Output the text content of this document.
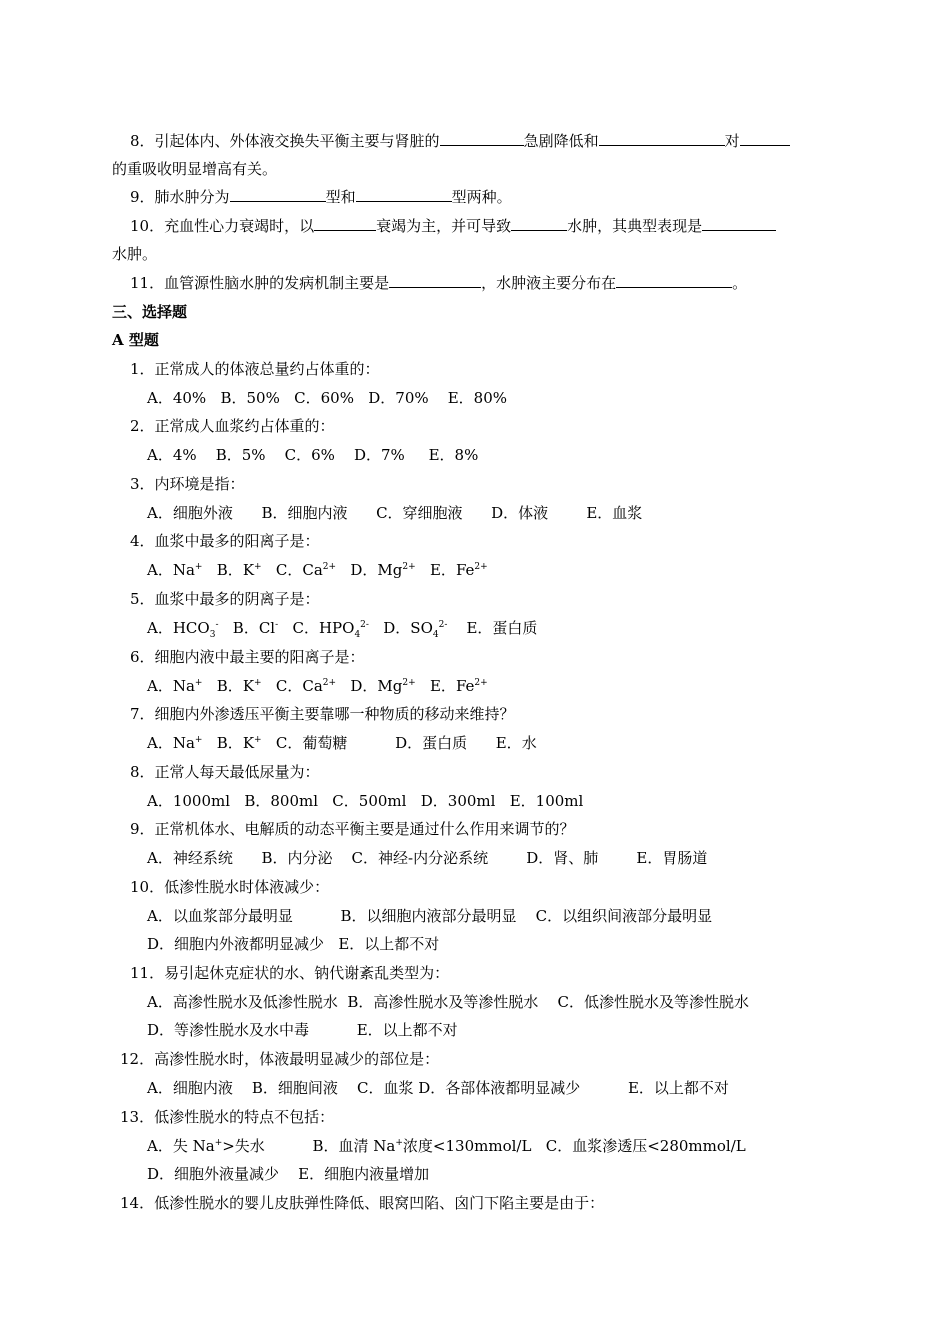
8．引起体内、外体液交换失平衡主要与肾脏的	急剧降低和	对
的重吸收明显增高有关。
9．肺水肿分为	型和	型两种。
10．充血性心力衰竭时，以	衰竭为主，并可导致	水肿，其典型表现是
水肿。
11．血管源性脑水肿的发病机制主要是	，水肿液主要分布在	。
三、选择题
A 型题
1．正常成人的体液总量约占体重的：
A．40%   B．50%   C．60%   D．70%    E．80%
2．正常成人血浆约占体重的：
A．4%    B．5%    C．6%    D．7%     E．8%
3．内环境是指：
A．细胞外液      B．细胞内液      C．穿细胞液      D．体液        E．血浆
4．血浆中最多的阳离子是：
A．Na+ B．K+ C．$Ca^{2+}$ D．$Mg^{2+}$ E．$Fe^{2+}$
5．血浆中最多的阴离子是：
A．$HCO_3^-$ B．Cl- C．$HPO_4^{2-}$ D．$SO_4^{2-}$ E．蛋白质
6．细胞内液中最主要的阳离子是：
A．Na+ B．K+ C．$Ca^{2+}$ D．$Mg^{2+}$ E．$Fe^{2+}$
7．细胞内外渗透压平衡主要靠哪一种物质的移动来维持？
A．Na+ B．K+ C．葡萄糖	D．蛋白质 E．水
8．正常人每天最低尿量为：
A．1000ml   B．800ml   C．500ml   D．300ml   E．100ml
9．正常机体水、电解质的动态平衡主要是通过什么作用来调节的？
A．神经系统      B．内分泌    C．神经-内分泌系统        D．肾、肺        E．胃肠道
10．低渗性脱水时体液减少：
A．以血浆部分最明显          B．以细胞内液部分最明显    C．以组织间液部分最明显
D．细胞内外液都明显减少   E．以上都不对
11．易引起休克症状的水、钠代谢紊乱类型为：
A．高渗性脱水及低渗性脱水  B．高渗性脱水及等渗性脱水    C．低渗性脱水及等渗性脱水
D．等渗性脱水及水中毒          E．以上都不对
12．高渗性脱水时，体液最明显减少的部位是：
A．细胞内液    B．细胞间液    C．血浆 D．各部体液都明显减少          E．以上都不对
13．低渗性脱水的特点不包括：
A．失 Na+>失水	B．血清 Na+浓度<130mmol/L C．血浆渗透压<280mmol/L
D．细胞外液量减少 E．细胞内液量增加
14．低渗性脱水的婴儿皮肤弹性降低、眼窝凹陷、囟门下陷主要是由于：
